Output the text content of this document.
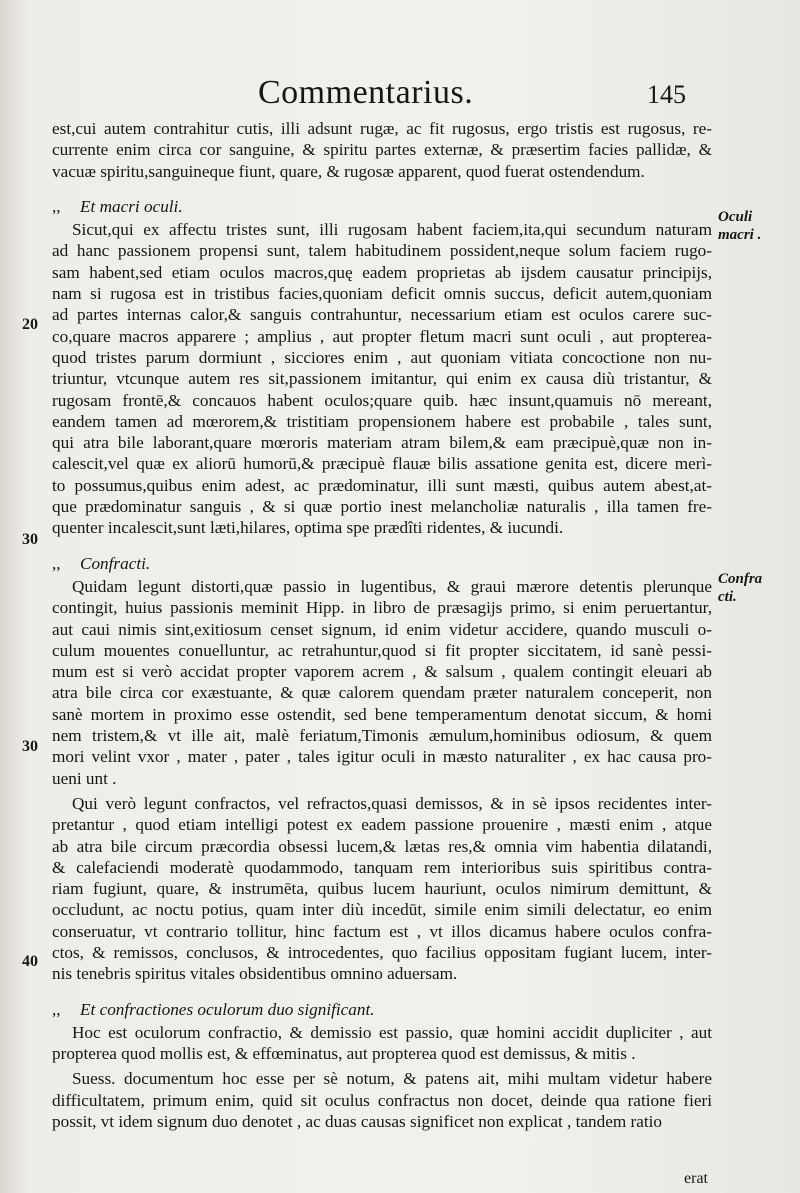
Commentarius.	145
est,cui autem contrahitur cutis, illi adsunt rugæ, ac fit rugosus, ergo tristis est rugosus, re-
currente enim circa cor sanguine, & spiritu partes externæ, & præsertim facies pallidæ, &
vacuæ spiritu,sanguineque fiunt, quare, & rugosæ apparent, quod fuerat ostendendum.
,, Et macri oculi.
Sicut,qui ex affectu tristes sunt, illi rugosam habent faciem,ita,qui secundum naturam
ad hanc passionem propensi sunt, talem habitudinem possident,neque solum faciem rugo-
sam habent,sed etiam oculos macros,quę eadem proprietas ab ijsdem causatur principijs,
nam si rugosa est in tristibus facies,quoniam deficit omnis succus, deficit autem,quoniam
ad partes internas calor,& sanguis contrahuntur, necessarium etiam est oculos carere suc-
co,quare macros apparere ; amplius , aut propter fletum macri sunt oculi , aut propterea-
quod tristes parum dormiunt , sicciores enim , aut quoniam vitiata concoctione non nu-
triuntur, vtcunque autem res sit,passionem imitantur, qui enim ex causa diù tristantur, &
rugosam frontē,& concauos habent oculos;quare quib. hæc insunt,quamuis nō mereant,
eandem tamen ad mœrorem,& tristitiam propensionem habere est probabile , tales sunt,
qui atra bile laborant,quare mœroris materiam atram bilem,& eam præcipuè,quæ non in-
calescit,vel quæ ex aliorū humorū,& præcipuè flauæ bilis assatione genita est, dicere merì-
to possumus,quibus enim adest, ac prædominatur, illi sunt mæsti, quibus autem abest,at-
que prædominatur sanguis , & si quæ portio inest melancholiæ naturalis , illa tamen fre-
quenter incalescit,sunt læti,hilares, optima spe prædîti ridentes, & iucundi.
,, Confracti.
Quidam legunt distorti,quæ passio in lugentibus, & graui mærore detentis plerunque
contingit, huius passionis meminit Hipp. in libro de præsagijs primo, si enim peruertantur,
aut caui nimis sint,exitiosum censet signum, id enim videtur accidere, quando musculi o-
culum mouentes conuelluntur, ac retrahuntur,quod si fit propter siccitatem, id sanè pessi-
mum est si verò accidat propter vaporem acrem , & salsum , qualem contingit eleuari ab
atra bile circa cor exæstuante, & quæ calorem quendam præter naturalem conceperit, non
sanè mortem in proximo esse ostendit, sed bene temperamentum denotat siccum, & homi
nem tristem,& vt ille ait, malè feriatum,Timonis æmulum,hominibus odiosum, & quem
mori velint vxor , mater , pater , tales igitur oculi in mæsto naturaliter , ex hac causa pro-
ueni unt .
Qui verò legunt confractos, vel refractos,quasi demissos, & in sè ipsos recidentes inter-
pretantur , quod etiam intelligi potest ex eadem passione prouenire , mæsti enim , atque
ab atra bile circum præcordia obsessi lucem,& lætas res,& omnia vim habentia dilatandi,
& calefaciendi moderatè quodammodo, tanquam rem interioribus suis spiritibus contra-
riam fugiunt, quare, & instrumēta, quibus lucem hauriunt, oculos nimirum demittunt, &
occludunt, ac noctu potius, quam inter diù incedūt, simile enim simili delectatur, eo enim
conseruatur, vt contrario tollitur, hinc factum est , vt illos dicamus habere oculos confra-
ctos, & remissos, conclusos, & introcedentes, quo facilius oppositam fugiant lucem, inter-
nis tenebris spiritus vitales obsidentibus omnino aduersam.
,, Et confractiones oculorum duo significant.
Hoc est oculorum confractio, & demissio est passio, quæ homini accidit dupliciter , aut
propterea quod mollis est, & effœminatus, aut propterea quod est demissus, & mitis .
Suess. documentum hoc esse per sè notum, & patens ait, mihi multam videtur habere
difficultatem, primum enim, quid sit oculus confractus non docet, deinde qua ratione fieri
possit, vt idem signum duo denotet , ac duas causas significet non explicat , tandem ratio
Oculi
macri .
Confra
cti.
20
30
30
40
erat
